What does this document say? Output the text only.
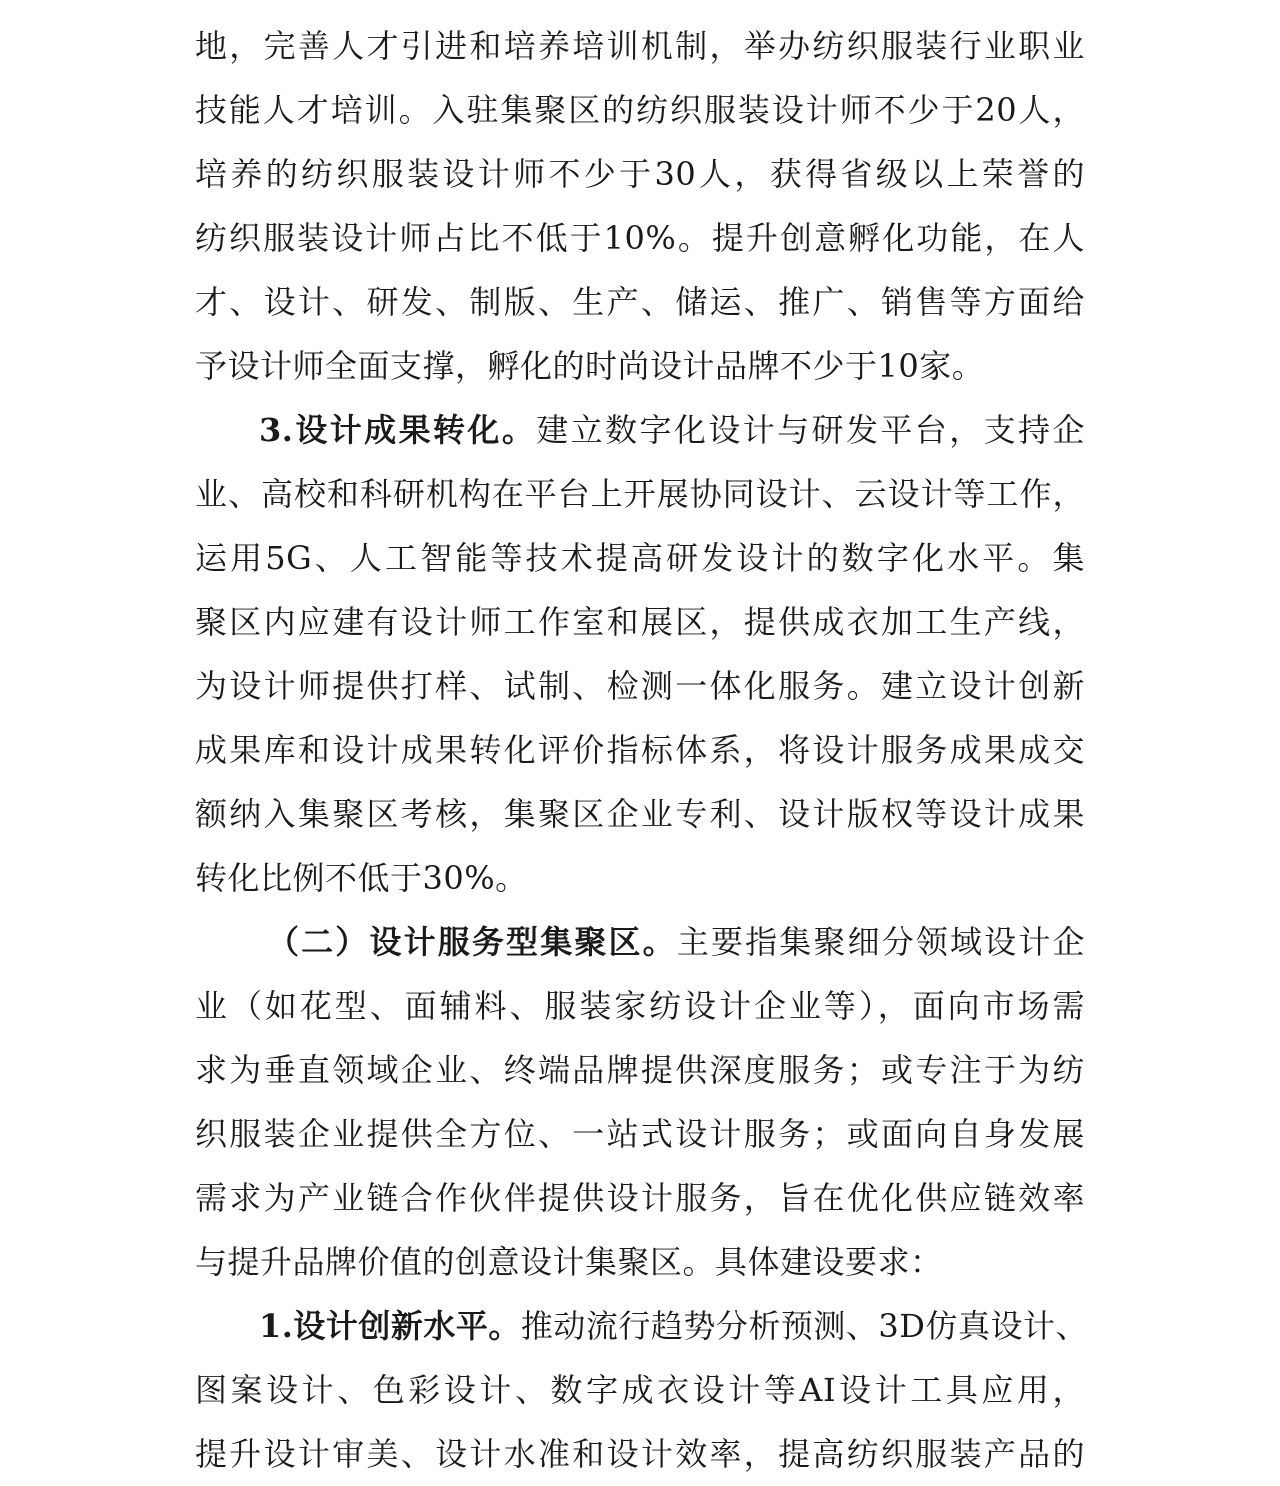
地，完善人才引进和培养培训机制，举办纺织服装行业职业
技能人才培训。入驻集聚区的纺织服装设计师不少于20人，
培养的纺织服装设计师不少于30人，获得省级以上荣誉的
纺织服装设计师占比不低于10%。提升创意孵化功能，在人
才、设计、研发、制版、生产、储运、推广、销售等方面给
予设计师全面支撑，孵化的时尚设计品牌不少于10家。
3.设计成果转化。建立数字化设计与研发平台，支持企
业、高校和科研机构在平台上开展协同设计、云设计等工作，
运用5G、人工智能等技术提高研发设计的数字化水平。集
聚区内应建有设计师工作室和展区，提供成衣加工生产线，
为设计师提供打样、试制、检测一体化服务。建立设计创新
成果库和设计成果转化评价指标体系，将设计服务成果成交
额纳入集聚区考核，集聚区企业专利、设计版权等设计成果
转化比例不低于30%。
（二）设计服务型集聚区。主要指集聚细分领域设计企
业（如花型、面辅料、服装家纺设计企业等），面向市场需
求为垂直领域企业、终端品牌提供深度服务；或专注于为纺
织服装企业提供全方位、一站式设计服务；或面向自身发展
需求为产业链合作伙伴提供设计服务，旨在优化供应链效率
与提升品牌价值的创意设计集聚区。具体建设要求：
1.设计创新水平。推动流行趋势分析预测、3D仿真设计、
图案设计、色彩设计、数字成衣设计等AI设计工具应用，
提升设计审美、设计水准和设计效率，提高纺织服装产品的
